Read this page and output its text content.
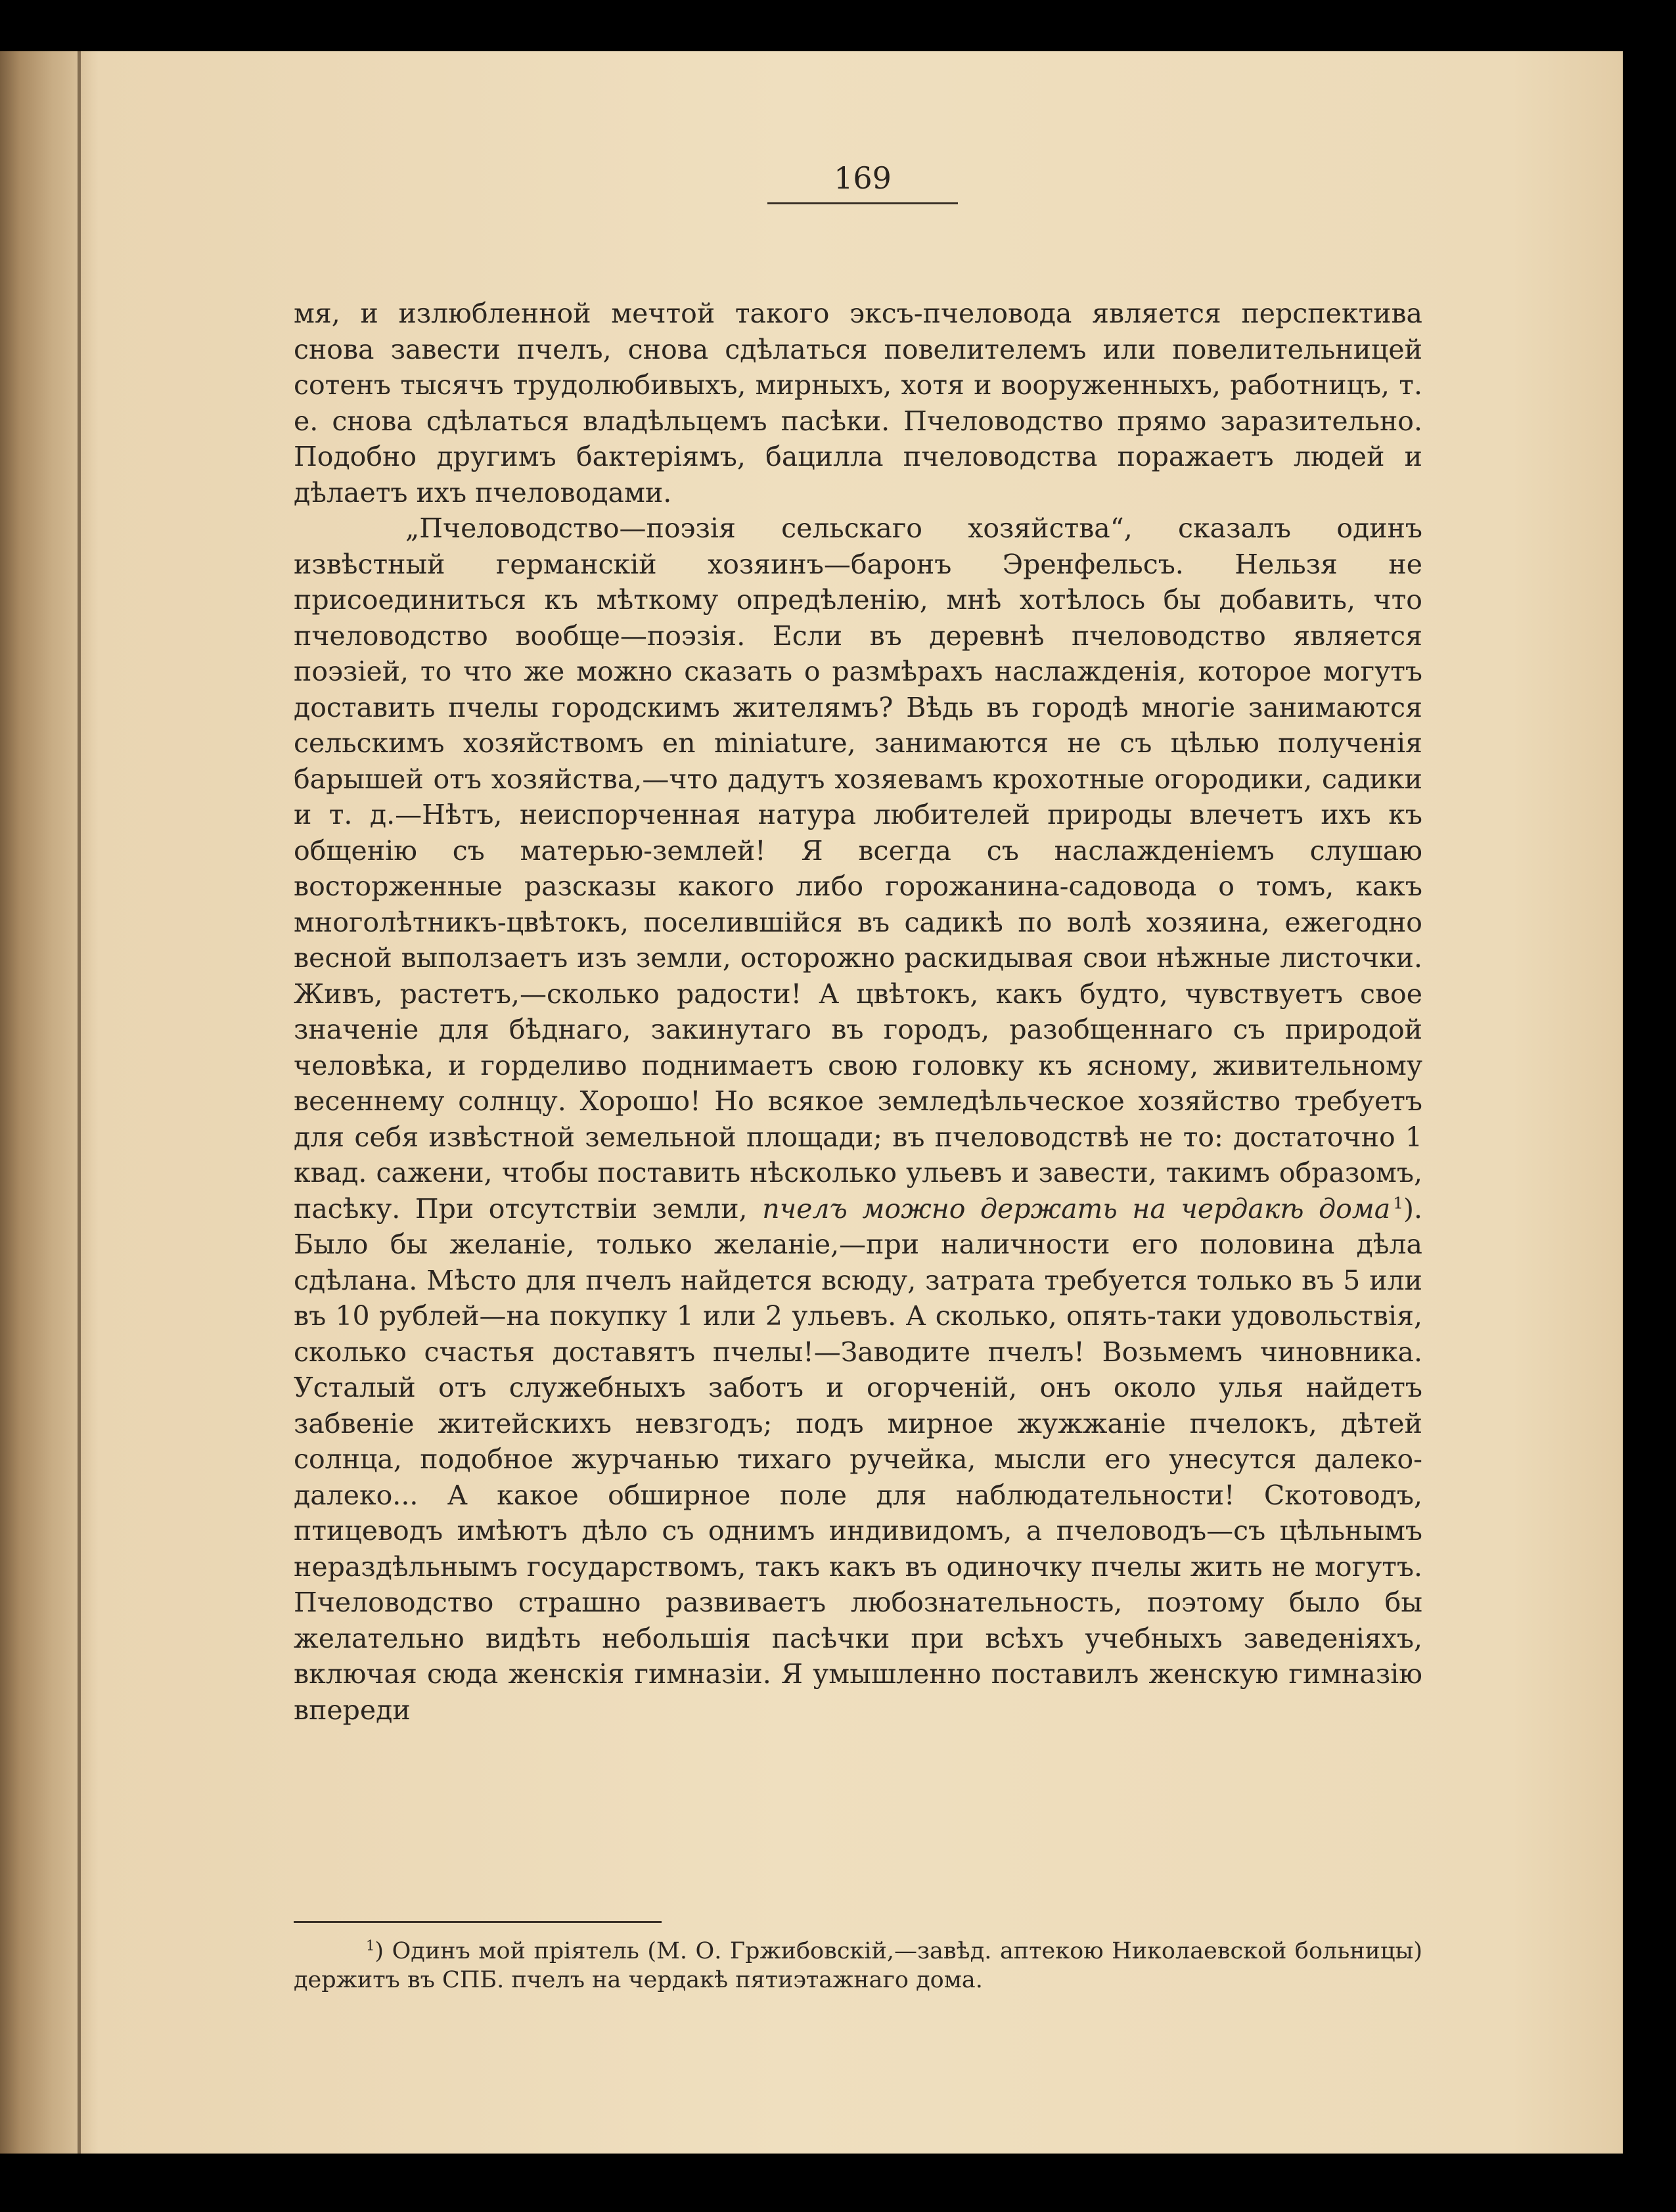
169

мя, и излюбленной мечтой такого эксъ-пчеловода является перспектива снова завести пчелъ, снова сдѣлаться повелителемъ или повелительницей сотенъ тысячъ трудолюбивыхъ, мирныхъ, хотя и вооруженныхъ, работницъ, т. е. снова сдѣлаться владѣльцемъ пасѣки. Пчеловодство прямо заразительно. Подобно другимъ бактеріямъ, бацилла пчеловодства поражаетъ людей и дѣлаетъ ихъ пчеловодами.

„Пчеловодство—поэзія сельскаго хозяйства“, сказалъ одинъ извѣстный германскій хозяинъ—баронъ Эренфельсъ. Нельзя не присоединиться къ мѣткому опредѣленію, мнѣ хотѣлось бы добавить, что пчеловодство вообще—поэзія. Если въ деревнѣ пчеловодство является поэзіей, то что же можно сказать о размѣрахъ наслажденія, которое могутъ доставить пчелы городскимъ жителямъ? Вѣдь въ городѣ многіе занимаются сельскимъ хозяйствомъ en miniature, занимаются не съ цѣлью полученія барышей отъ хозяйства,—что дадутъ хозяевамъ крохотные огородики, садики и т. д.—Нѣтъ, неиспорченная натура любителей природы влечетъ ихъ къ общенію съ матерью-землей! Я всегда съ наслажденіемъ слушаю восторженные разсказы какого либо горожанина-садовода о томъ, какъ многолѣтникъ-цвѣтокъ, поселившійся въ садикѣ по волѣ хозяина, ежегодно весной выползаетъ изъ земли, осторожно раскидывая свои нѣжные листочки. Живъ, растетъ,—сколько радости! А цвѣтокъ, какъ будто, чувствуетъ свое значеніе для бѣднаго, закинутаго въ городъ, разобщеннаго съ природой человѣка, и горделиво поднимаетъ свою головку къ ясному, живительному весеннему солнцу. Хорошо! Но всякое земледѣльческое хозяйство требуетъ для себя извѣстной земельной площади; въ пчеловодствѣ не то: достаточно 1 квад. сажени, чтобы поставить нѣсколько ульевъ и завести, такимъ образомъ, пасѣку. При отсутствіи земли, пчелъ можно держать на чердакѣ дома  $^1$). Было бы желаніе, только желаніе,—при наличности его половина дѣла сдѣлана. Мѣсто для пчелъ найдется всюду, затрата требуется только въ 5 или въ 10 рублей—на покупку 1 или 2 ульевъ. А сколько, опять-таки удовольствія, сколько счастья доставятъ пчелы!—Заводите пчелъ! Возьмемъ чиновника. Усталый отъ служебныхъ заботъ и огорченій, онъ около улья найдетъ забвеніе житейскихъ невзгодъ; подъ мирное жужжаніе пчелокъ, дѣтей солнца, подобное журчанью тихаго ручейка, мысли его унесутся далеко-далеко... А какое обширное поле для наблюдательности! Скотоводъ, птицеводъ имѣютъ дѣло съ однимъ индивидомъ, а пчеловодъ—съ цѣльнымъ нераздѣльнымъ государствомъ, такъ какъ въ одиночку пчелы жить не могутъ. Пчеловодство страшно развиваетъ любознательность, поэтому было бы желательно видѣть небольшія пасѣчки при всѣхъ учебныхъ заведеніяхъ, включая сюда женскія гимназіи. Я умышленно поставилъ женскую гимназію впереди

$^1$) Одинъ мой пріятель (М. О. Гржибовскій,—завѣд. аптекою Николаевской больницы) держитъ въ СПБ. пчелъ на чердакѣ пятиэтажнаго дома.
